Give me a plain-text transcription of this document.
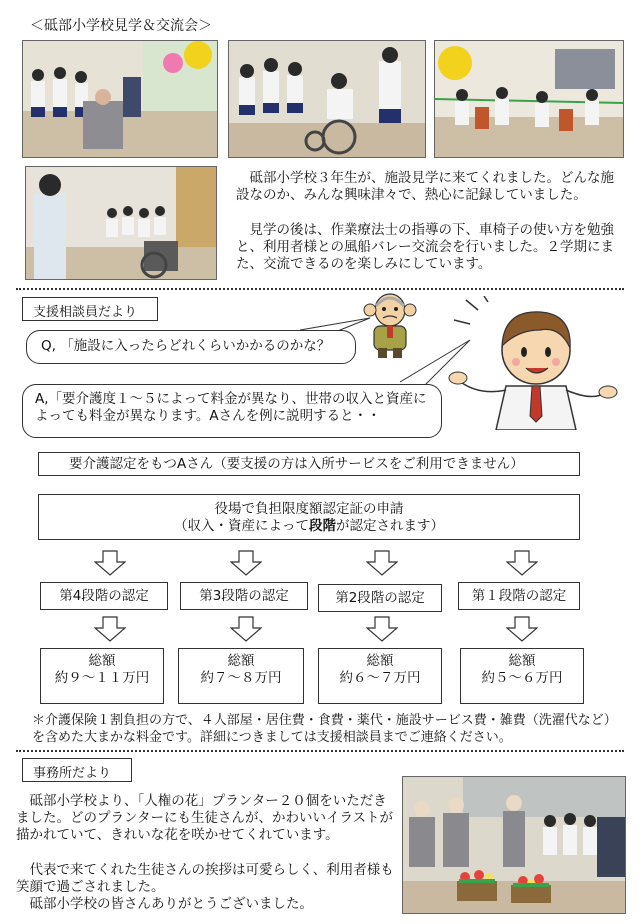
＜砥部小学校見学＆交流会＞
砥部小学校３年生が、施設見学に来てくれました。どんな施設なのか、みんな興味津々で、熱心に記録していました。
見学の後は、作業療法士の指導の下、車椅子の使い方を勉強と、利用者様との風船バレー交流会を行いました。２学期にまた、交流できるのを楽しみにしています。
支援相談員だより
Q, 「施設に入ったらどれくらいかかるのかな？
A,「要介護度１～５によって料金が異なり、世帯の収入と資産によっても料金が異なります。Aさんを例に説明すると・・
要介護認定をもつAさん（要支援の方は入所サービスをご利用できません）
役場で負担限度額認定証の申請
（収入・資産によって段階が認定されます）
第4段階の認定	第3段階の認定	第2段階の認定	第１段階の認定
総額
約９～１１万円
総額
約７～８万円
総額
約６～７万円
総額
約５～６万円
＊介護保険１割負担の方で、４人部屋・居住費・食費・薬代・施設サービス費・雑費（洗濯代など）を含めた大まかな料金です。詳細につきましては支援相談員までご連絡ください。
事務所だより
砥部小学校より、「人権の花」プランター２０個をいただきました。どのプランターにも生徒さんが、かわいいイラストが描かれていて、きれいな花を咲かせてくれています。
代表で来てくれた生徒さんの挨拶は可愛らしく、利用者様も笑顔で過ごされました。
砥部小学校の皆さんありがとうございました。
